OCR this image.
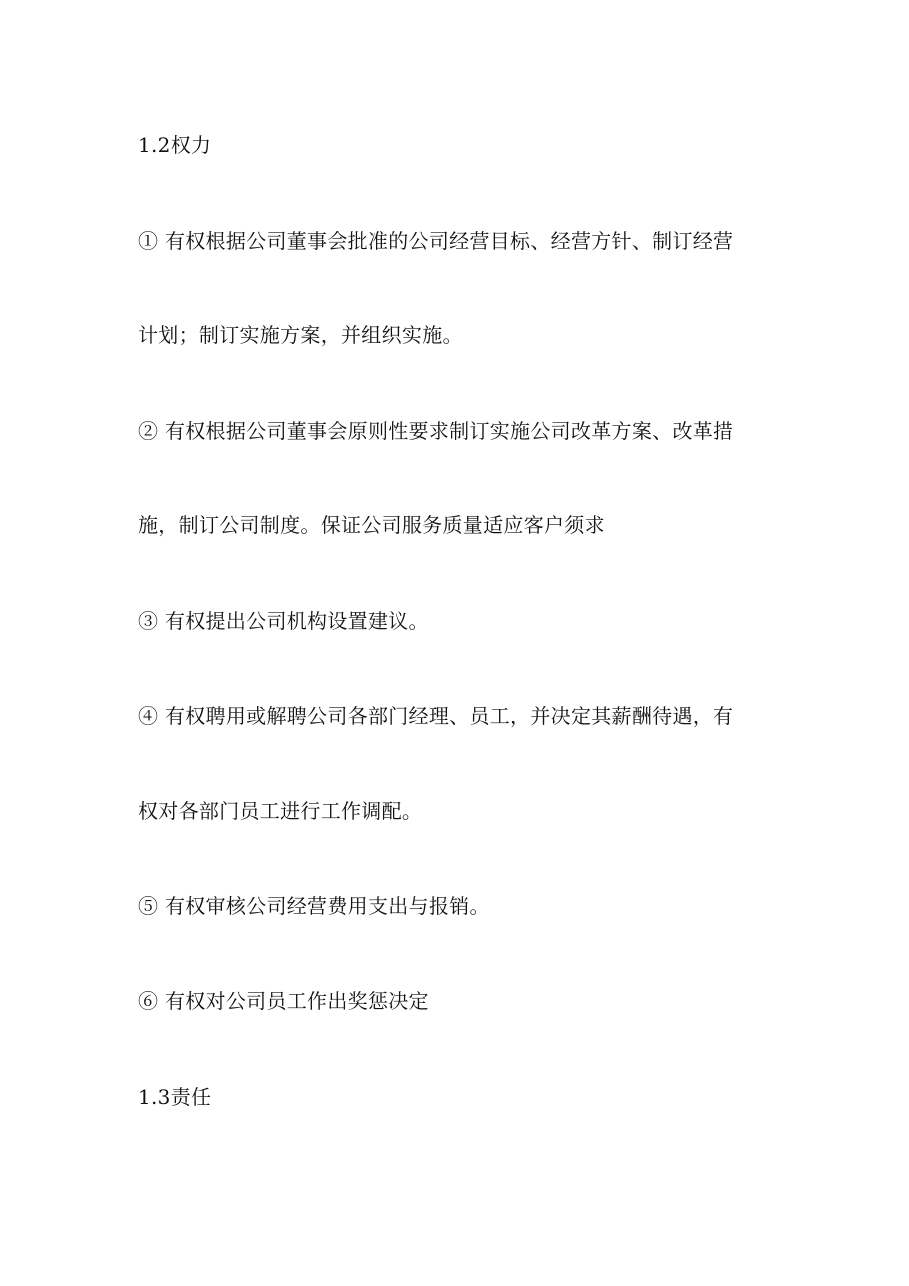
1.2权力
① 有权根据公司董事会批准的公司经营目标、经营方针、制订经营
计划；制订实施方案，并组织实施。
② 有权根据公司董事会原则性要求制订实施公司改革方案、改革措
施，制订公司制度。保证公司服务质量适应客户须求
③ 有权提出公司机构设置建议。
④ 有权聘用或解聘公司各部门经理、员工，并决定其薪酬待遇，有
权对各部门员工进行工作调配。
⑤ 有权审核公司经营费用支出与报销。
⑥ 有权对公司员工作出奖惩决定
1.3责任
